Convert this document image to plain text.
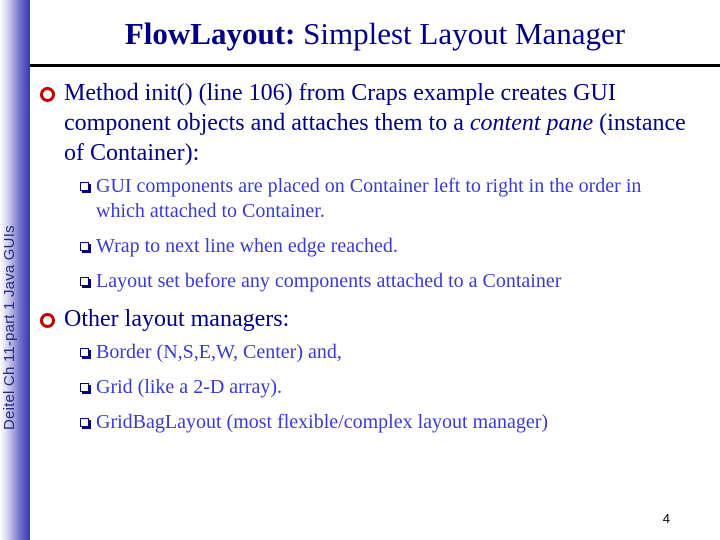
Deitel Ch 11-part 1 Java GUIs
FlowLayout: Simplest Layout Manager
Method init() (line 106) from Craps example creates GUI component objects and attaches them to a content pane (instance of Container):
GUI components are placed on Container left to right in the order in which attached to Container.
Wrap to next line when edge reached.
Layout set before any components attached to a Container
Other layout managers:
Border (N,S,E,W, Center) and,
Grid (like a 2-D array).
GridBagLayout (most flexible/complex layout manager)
4
